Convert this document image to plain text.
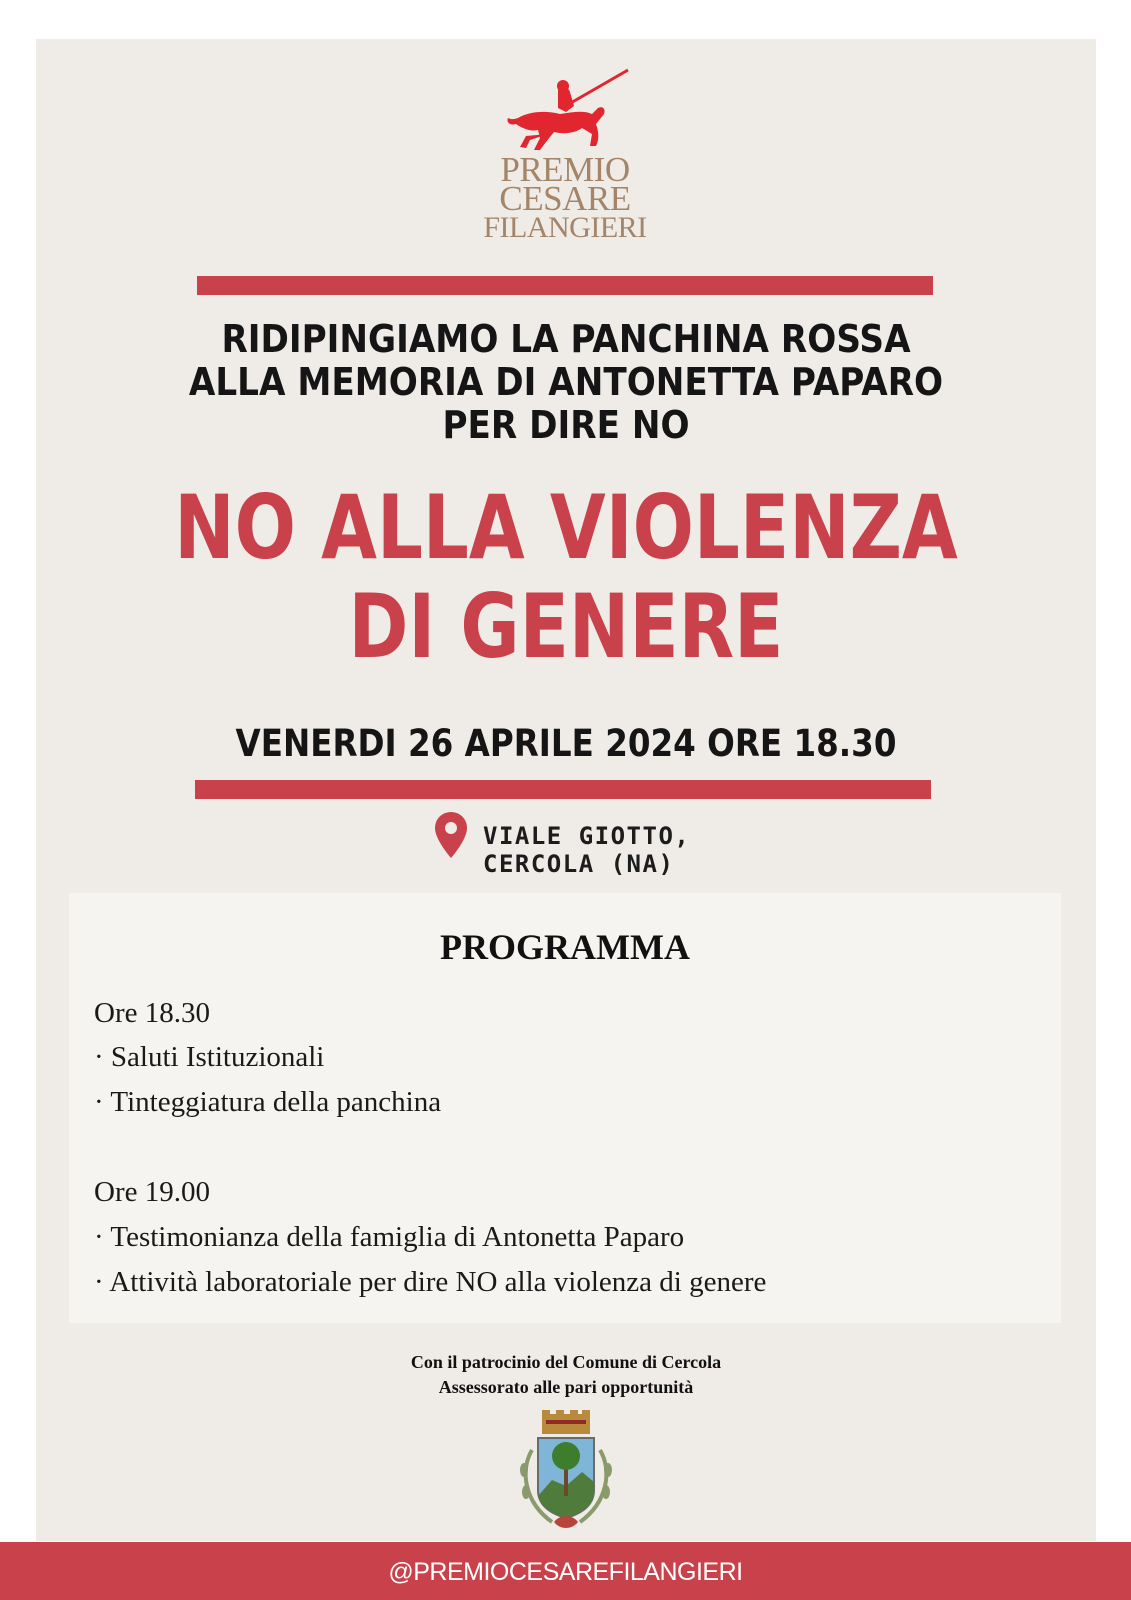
PREMIO
CESARE
FILANGIERI
RIDIPINGIAMO LA PANCHINA ROSSA
ALLA MEMORIA DI ANTONETTA PAPARO
PER DIRE NO
NO ALLA VIOLENZA
DI GENERE
VENERDI 26 APRILE 2024 ORE 18.30
VIALE GIOTTO,
CERCOLA (NA)
PROGRAMMA
Ore 18.30
· Saluti Istituzionali
· Tinteggiatura della panchina
Ore 19.00
· Testimonianza della famiglia di Antonetta Paparo
· Attività laboratoriale per dire NO alla violenza di genere
Con il patrocinio del Comune di Cercola
Assessorato alle pari opportunità
@PREMIOCESAREFILANGIERI
